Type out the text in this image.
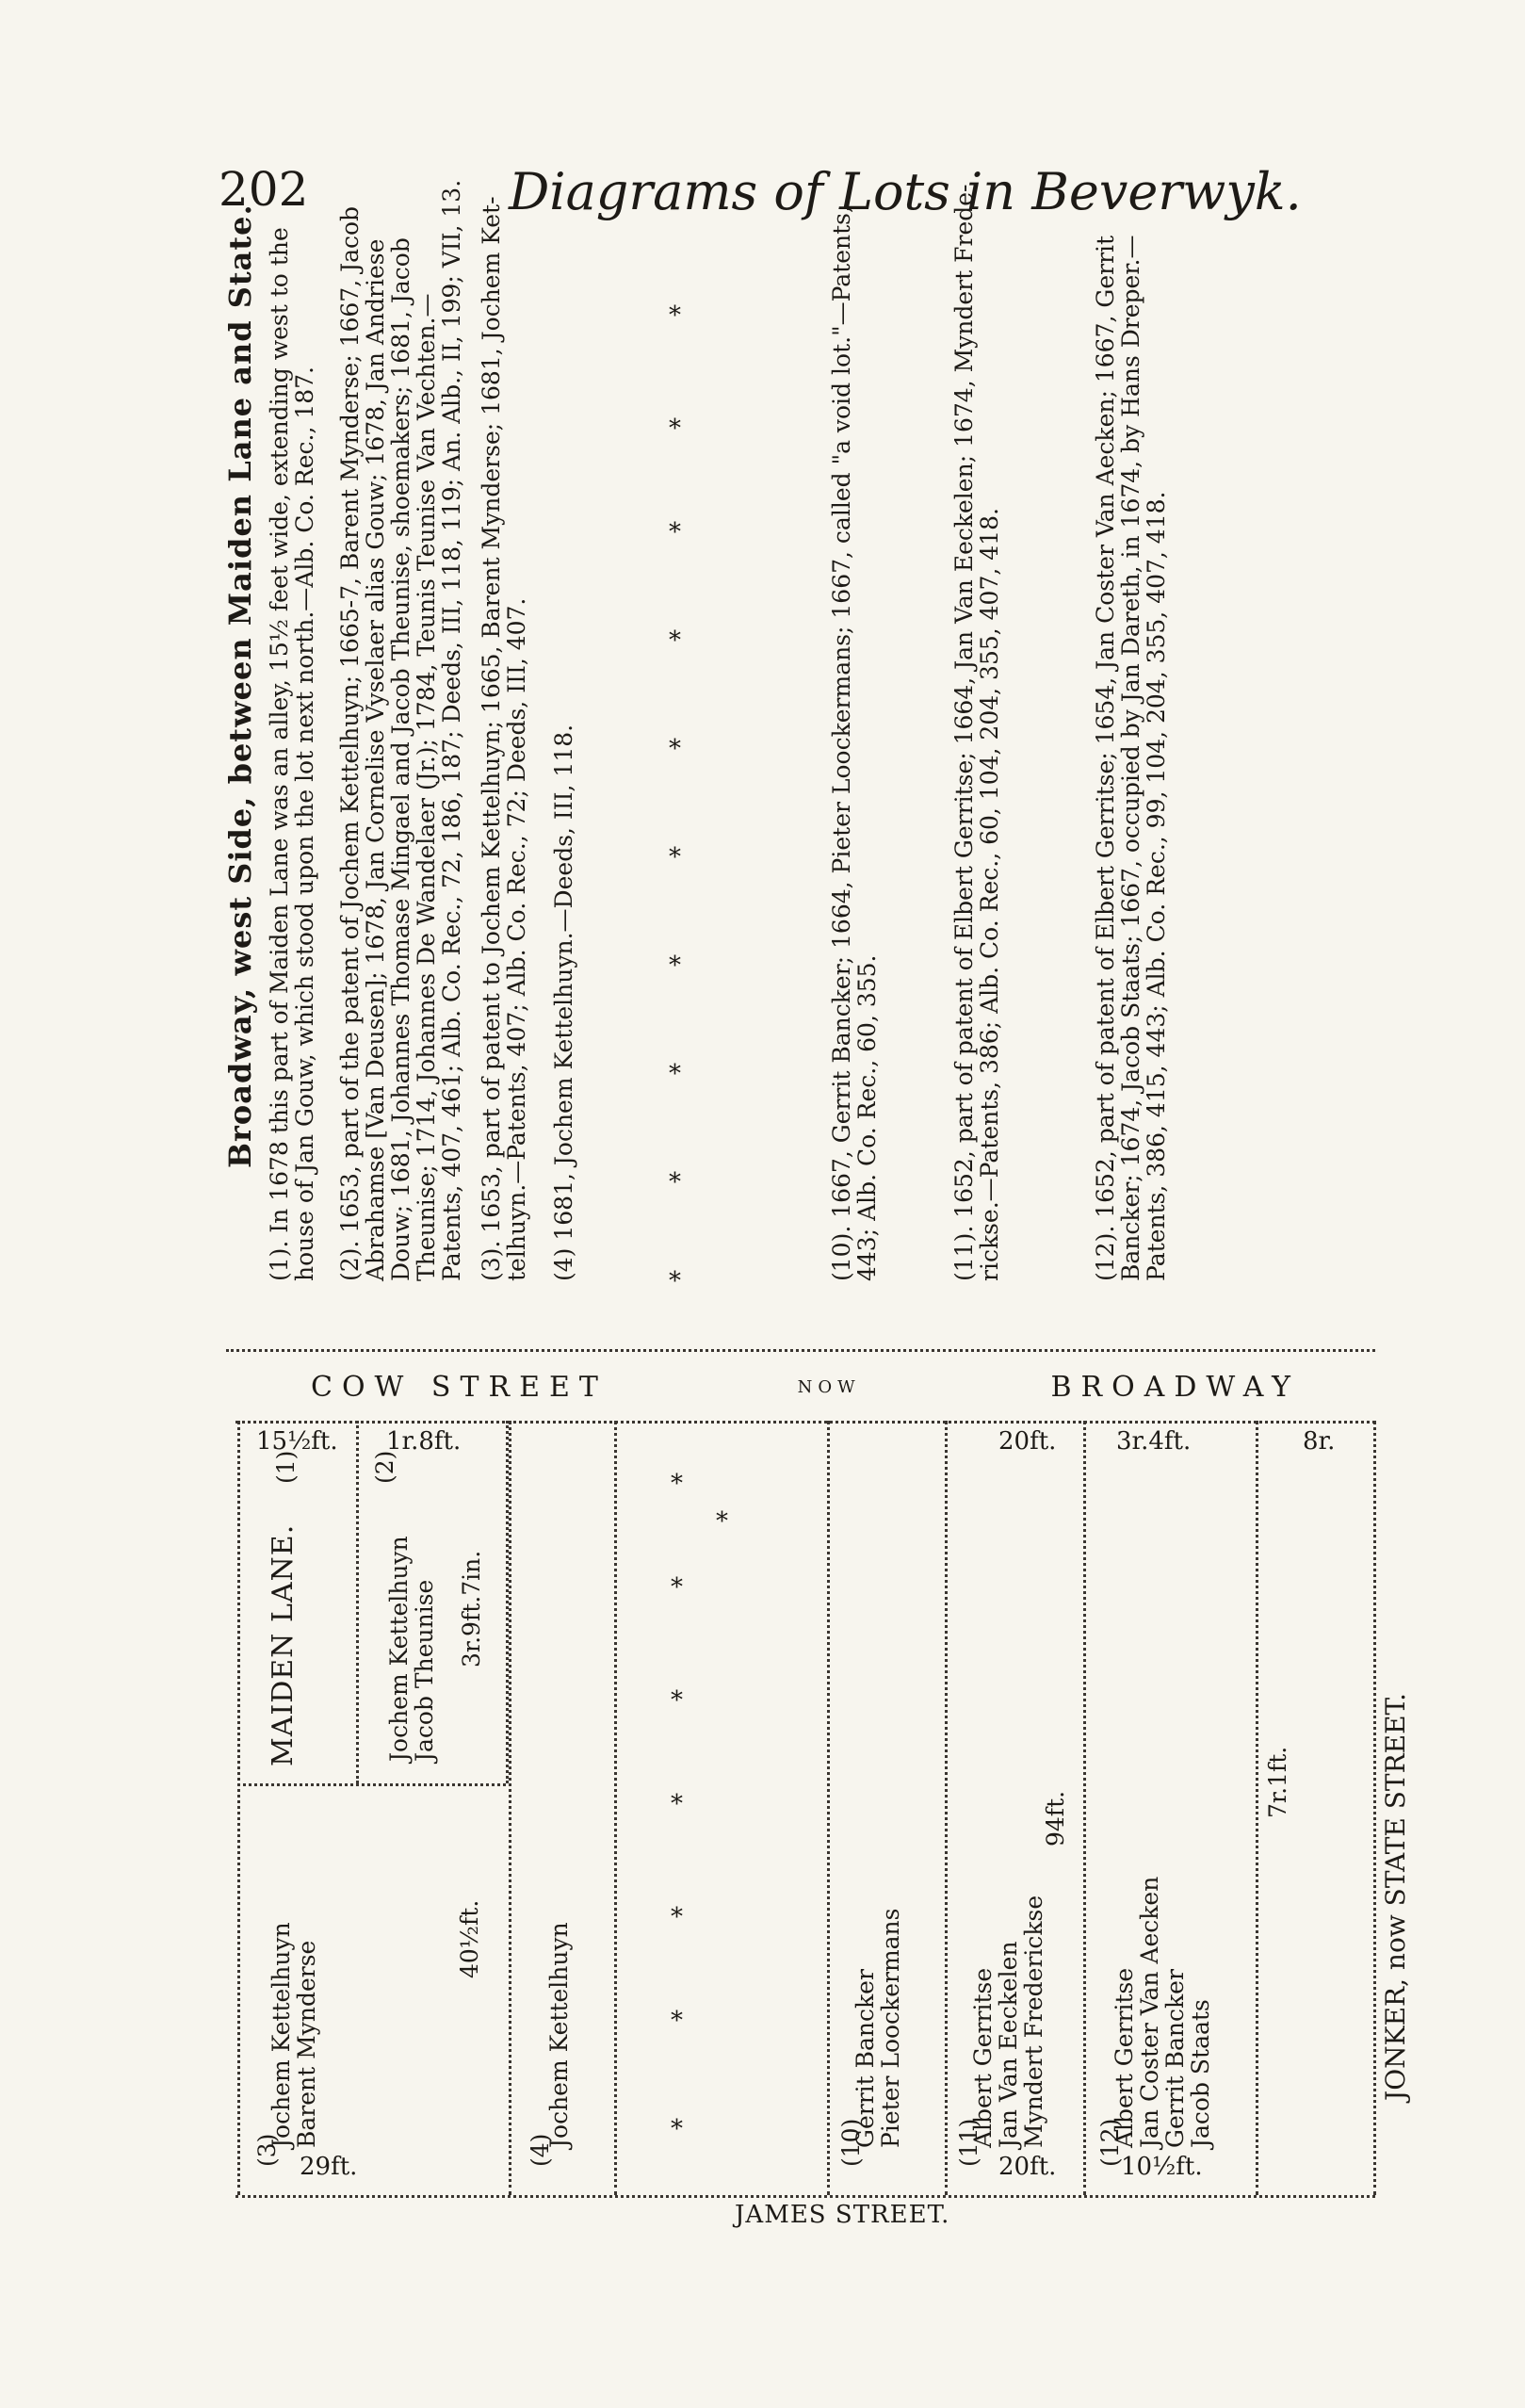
202	Diagrams of Lots in Beverwyk.
Broadway, west Side, between Maiden Lane and State. (1). In 1678 this part of Maiden Lane was an alley, 15½ feet wide, extending west to the
house of Jan Gouw, which stood upon the lot next north.—Alb. Co. Rec., 187. (2). 1653, part of the patent of Jochem Kettelhuyn; 1665-7, Barent Myndersе; 1667, Jacob
Abrahamse [Van Deusen]; 1678, Jan Cornelise Vyselaer alias Gouw; 1678, Jan Andriese
Douw; 1681, Johannes Thomase Mingael and Jacob Theunise, shoemakers; 1681, Jacob
Theunise; 1714, Johannes De Wandelaer (Jr.); 1784, Teunis Teunise Van Vechten.—
Patents, 407, 461; Alb. Co. Rec., 72, 186, 187; Deeds, III, 118, 119; An. Alb., II, 199; VII, 13. (3). 1653, part of patent to Jochem Kettelhuyn; 1665, Barent Myndersе; 1681, Jochem Ket-
telhuyn.—Patents, 407; Alb. Co. Rec., 72; Deeds, III, 407. (4) 1681, Jochem Kettelhuyn.—Deeds, III, 118.
*
*
*
*
*
*
*
*
*
*	(10). 1667, Gerrit Bancker; 1664, Pieter Loockermans; 1667, called "a void lot."—Patents,
443; Alb. Co. Rec., 60, 355.	(11). 1652, part of patent of Elbert Gerritse; 1664, Jan Van Eeckelen; 1674, Myndert Frede-
rickse.—Patents, 386; Alb. Co. Rec., 60, 104, 204, 355, 407, 418.	(12). 1652, part of patent of Elbert Gerritse; 1654, Jan Coster Van Aecken; 1667, Gerrit
Bancker; 1674, Jacob Staats; 1667, occupied by Jan Dareth, in 1674, by Hans Dreper.—
Patents, 386, 415, 443; Alb. Co. Rec., 99, 104, 204, 355, 407, 418.
COW STREET	NOW	BROADWAY
15½ft. 1r.8ft.	20ft. 3r.4ft.	8r.
29ft.	20ft.	10½ft.
(1)	(2)
(3)	(4)	(10)	(11)	(12)
MAIDEN LANE.	Jochem Kettelhuyn
Jacob Theunise 3r.9ft.7in.
Jochem Kettelhuyn
Barent Myndersе
40½ft.	Jochem Kettelhuyn
*
*
*
*
*
*
*
*	Gerrit Bancker
Pieter Loockermans	Albert Gerritse
Jan Van Eeckelen
Myndert Frederickse
94ft.
Albert Gerritse
Jan Coster Van Aecken
Gerrit Bancker
Jacob Staats
7r.1ft.	JONKER, now STATE STREET.
JAMES STREET.
